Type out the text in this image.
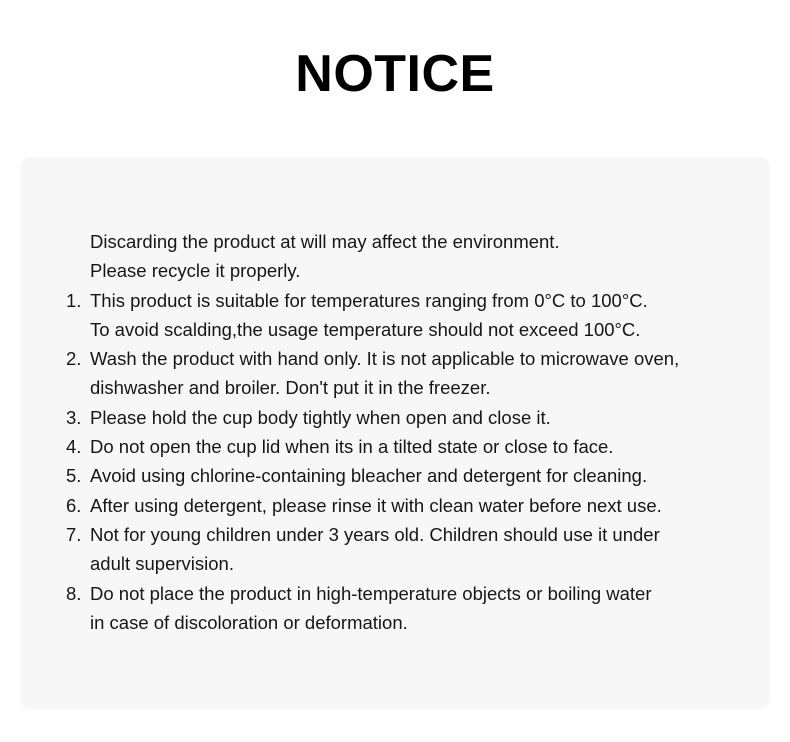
NOTICE
Discarding the product at will may affect the environment.
Please recycle it properly.
1. This product is suitable for temperatures ranging from 0°C to 100°C.
To avoid scalding,the usage temperature should not exceed 100°C.
2. Wash the product with hand only. It is not applicable to microwave oven,
dishwasher and broiler. Don't put it in the freezer.
3. Please hold the cup body tightly when open and close it.
4. Do not open the cup lid when its in a tilted state or close to face.
5. Avoid using chlorine-containing bleacher and detergent for cleaning.
6. After using detergent, please rinse it with clean water before next use.
7. Not for young children under 3 years old. Children should use it under
adult supervision.
8. Do not place the product in high-temperature objects or boiling water
in case of discoloration or deformation.
